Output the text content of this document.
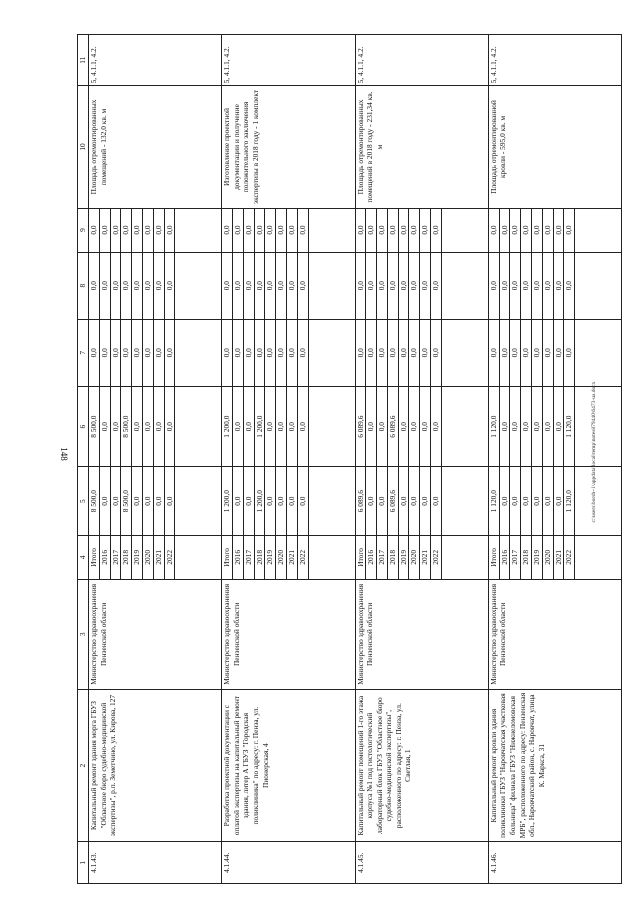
148
1	2	3	4	5	6	7	8	9	10	11
4.1.43.	Капитальный ремонт здания морга ГБУЗ "Областное бюро судебно-медицинской экспертизы", р.п. Земетчино, ул. Кирова, 127	Министерство здравоохранения Пензенской области	Итого	8 500,0	8 500,0	0,0	0,0	0,0	Площадь отремонтированных помещений - 132,0 кв. м	5, 4.1.1, 4.2.
			2016	0,0	0,0	0,0	0,0	0,0		
			2017	0,0	0,0	0,0	0,0	0,0		
			2018	8 500,0	8 500,0	0,0	0,0	0,0		
			2019	0,0	0,0	0,0	0,0	0,0		
			2020	0,0	0,0	0,0	0,0	0,0		
			2021	0,0	0,0	0,0	0,0	0,0		
			2022	0,0	0,0	0,0	0,0	0,0		

4.1.44.	Разработка проектной документации с оплатой экспертизы на капитальный ремонт здания, литер А ГБУЗ "Городская поликлиника" по адресу: г. Пенза, ул. Пионерская, 4	Министерство здравоохранения Пензенской области	Итого	1 200,0	1 200,0	0,0	0,0	0,0	Изготовление проектной документации и получение положительного заключения экспертизы в 2018 году - 1 комплект	5, 4.1.1, 4.2.
			2016	0,0	0,0	0,0	0,0	0,0		
			2017	0,0	0,0	0,0	0,0	0,0		
			2018	1 200,0	1 200,0	0,0	0,0	0,0		
			2019	0,0	0,0	0,0	0,0	0,0		
			2020	0,0	0,0	0,0	0,0	0,0		
			2021	0,0	0,0	0,0	0,0	0,0		
			2022	0,0	0,0	0,0	0,0	0,0		

4.1.45.	Капитальный ремонт помещений 1-го этажа корпуса №1 под гистологический лабораторный блок ГБУЗ "Областное бюро судебно-медицинской экспертизы", расположенного по адресу: г. Пенза, ул. Светлая, 1	Министерство здравоохранения Пензенской области	Итого	6 089,6	6 089,6	0,0	0,0	0,0	Площадь отремонтированных помещений в 2018 году - 231,34 кв. м	5, 4.1.1, 4.2.
			2016	0,0	0,0	0,0	0,0	0,0		
			2017	0,0	0,0	0,0	0,0	0,0		
			2018	6 089,6	6 089,6	0,0	0,0	0,0		
			2019	0,0	0,0	0,0	0,0	0,0		
			2020	0,0	0,0	0,0	0,0	0,0		
			2021	0,0	0,0	0,0	0,0	0,0		
			2022	0,0	0,0	0,0	0,0	0,0		

4.1.46.	Капитальный ремонт кровли здания поликлиники ГБУЗ "Наровчатская участковая больница" филиала ГБУЗ "Нижнеломовская МРБ", расположенного по адресу: Пензенская обл., Наровчатский район, с. Наровчат, улица К. Маркса, 31	Министерство здравоохранения Пензенской области	Итого	1 120,0	1 120,0	0,0	0,0	0,0	Площадь отремонтированной кровли - 595,0 кв. м	5, 4.1.1, 4.2.
			2016	0,0	0,0	0,0	0,0	0,0		
			2017	0,0	0,0	0,0	0,0	0,0		
			2018	0,0	0,0	0,0	0,0	0,0		
			2019	0,0	0,0	0,0	0,0	0,0		
			2020	0,0	0,0	0,0	0,0	0,0		
			2021	0,0	0,0	0,0	0,0	0,0		
			2022	1 120,0	1 120,0	0,0	0,0	0,0		

c:\users\borsh~1\appdata\local\temp\notes879440\6473-ua.docx
